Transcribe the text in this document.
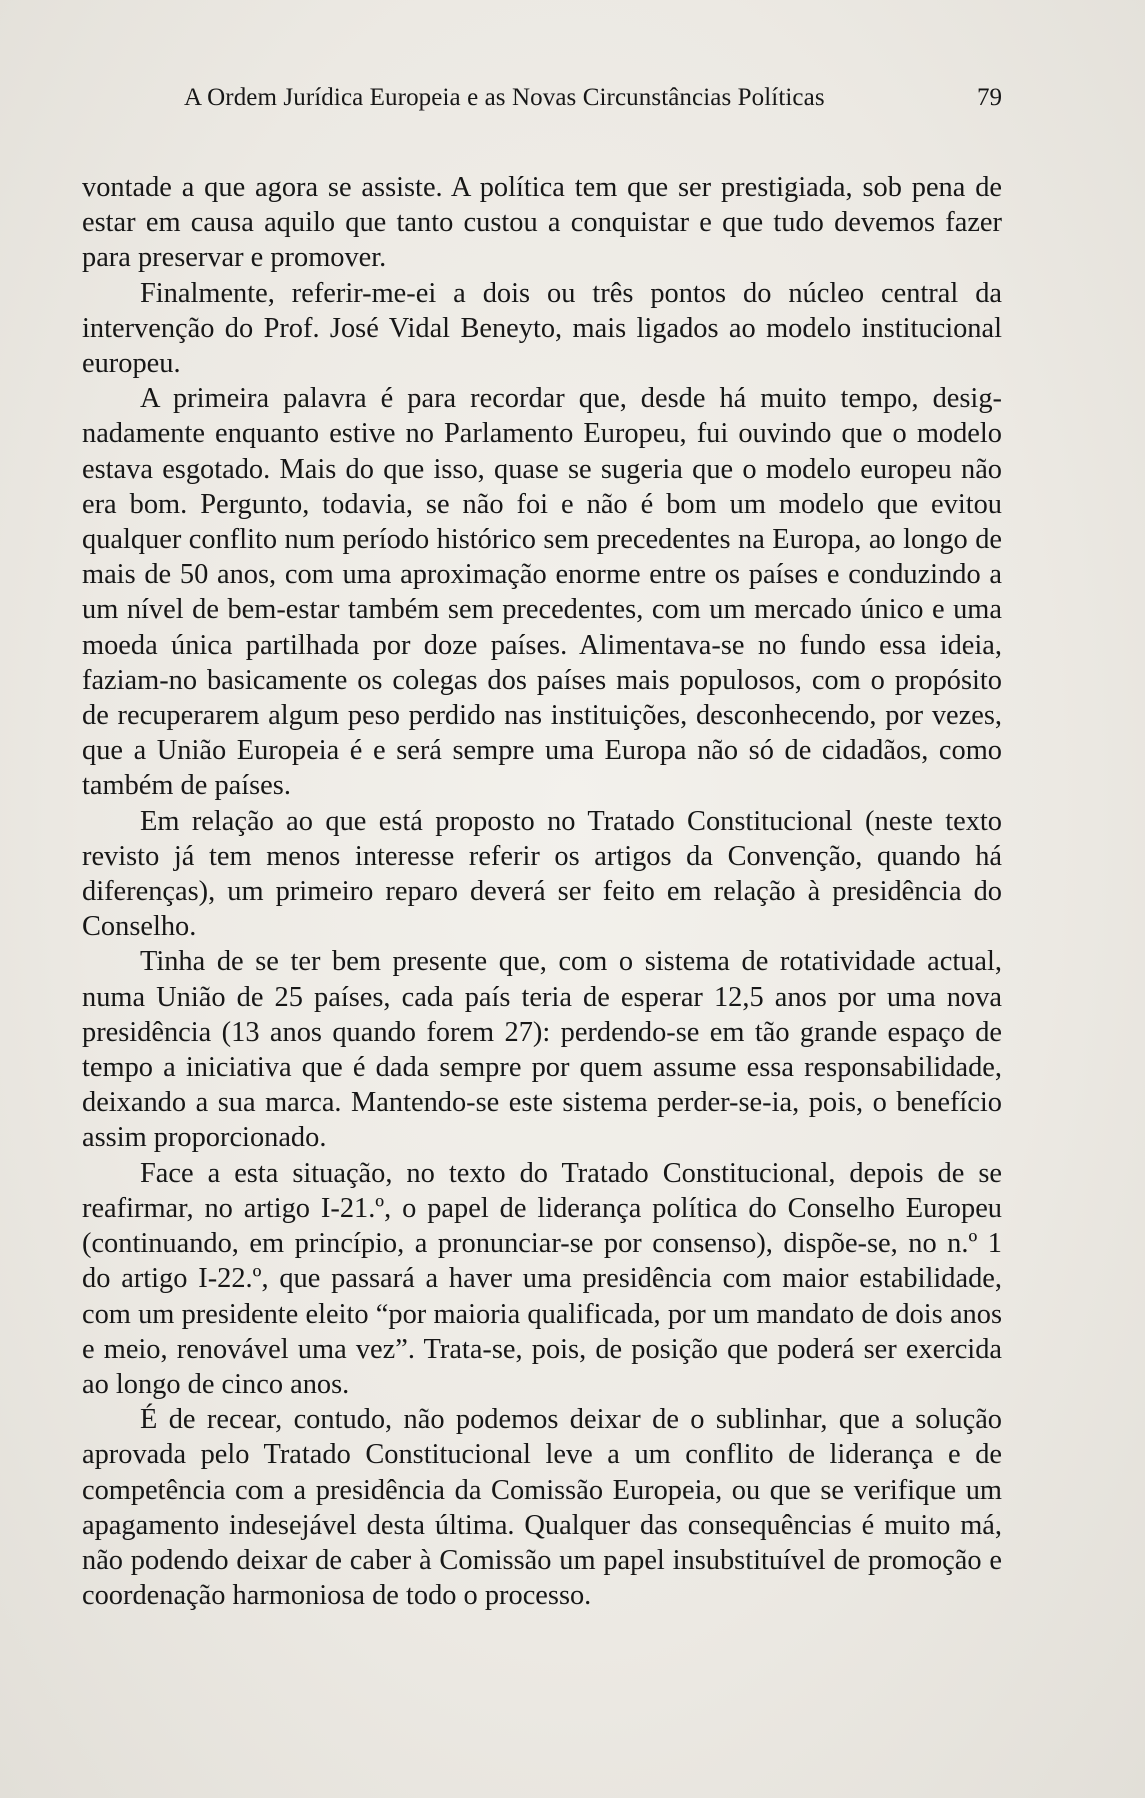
A Ordem Jurídica Europeia e as Novas Circunstâncias Políticas	79

vontade a que agora se assiste. A política tem que ser prestigiada, sob pena de estar em causa aquilo que tanto custou a conquistar e que tudo devemos fazer para preservar e promover.

Finalmente, referir-me-ei a dois ou três pontos do núcleo central da intervenção do Prof. José Vidal Beneyto, mais ligados ao modelo institucional europeu.

A primeira palavra é para recordar que, desde há muito tempo, designadamente enquanto estive no Parlamento Europeu, fui ouvindo que o modelo estava esgotado. Mais do que isso, quase se sugeria que o modelo europeu não era bom. Pergunto, todavia, se não foi e não é bom um modelo que evitou qualquer conflito num período histórico sem precedentes na Europa, ao longo de mais de 50 anos, com uma aproximação enorme entre os países e conduzindo a um nível de bem-estar também sem precedentes, com um mercado único e uma moeda única partilhada por doze países. Alimentava-se no fundo essa ideia, faziam-no basicamente os colegas dos países mais populosos, com o propósito de recuperarem algum peso perdido nas instituições, desconhecendo, por vezes, que a União Europeia é e será sempre uma Europa não só de cidadãos, como também de países.

Em relação ao que está proposto no Tratado Constitucional (neste texto revisto já tem menos interesse referir os artigos da Convenção, quando há diferenças), um primeiro reparo deverá ser feito em relação à presidência do Conselho.

Tinha de se ter bem presente que, com o sistema de rotatividade actual, numa União de 25 países, cada país teria de esperar 12,5 anos por uma nova presidência (13 anos quando forem 27): perdendo-se em tão grande espaço de tempo a iniciativa que é dada sempre por quem assume essa responsabilidade, deixando a sua marca. Mantendo-se este sistema perder-se-ia, pois, o benefício assim proporcionado.

Face a esta situação, no texto do Tratado Constitucional, depois de se reafirmar, no artigo I-21.º, o papel de liderança política do Conselho Europeu (continuando, em princípio, a pronunciar-se por consenso), dispõe-se, no n.º 1 do artigo I-22.º, que passará a haver uma presidência com maior estabilidade, com um presidente eleito “por maioria qualificada, por um mandato de dois anos e meio, renovável uma vez”. Trata-se, pois, de posição que poderá ser exercida ao longo de cinco anos.

É de recear, contudo, não podemos deixar de o sublinhar, que a solução aprovada pelo Tratado Constitucional leve a um conflito de liderança e de competência com a presidência da Comissão Europeia, ou que se verifique um apagamento indesejável desta última. Qualquer das consequências é muito má, não podendo deixar de caber à Comissão um papel insubstituível de promoção e coordenação harmoniosa de todo o processo.
